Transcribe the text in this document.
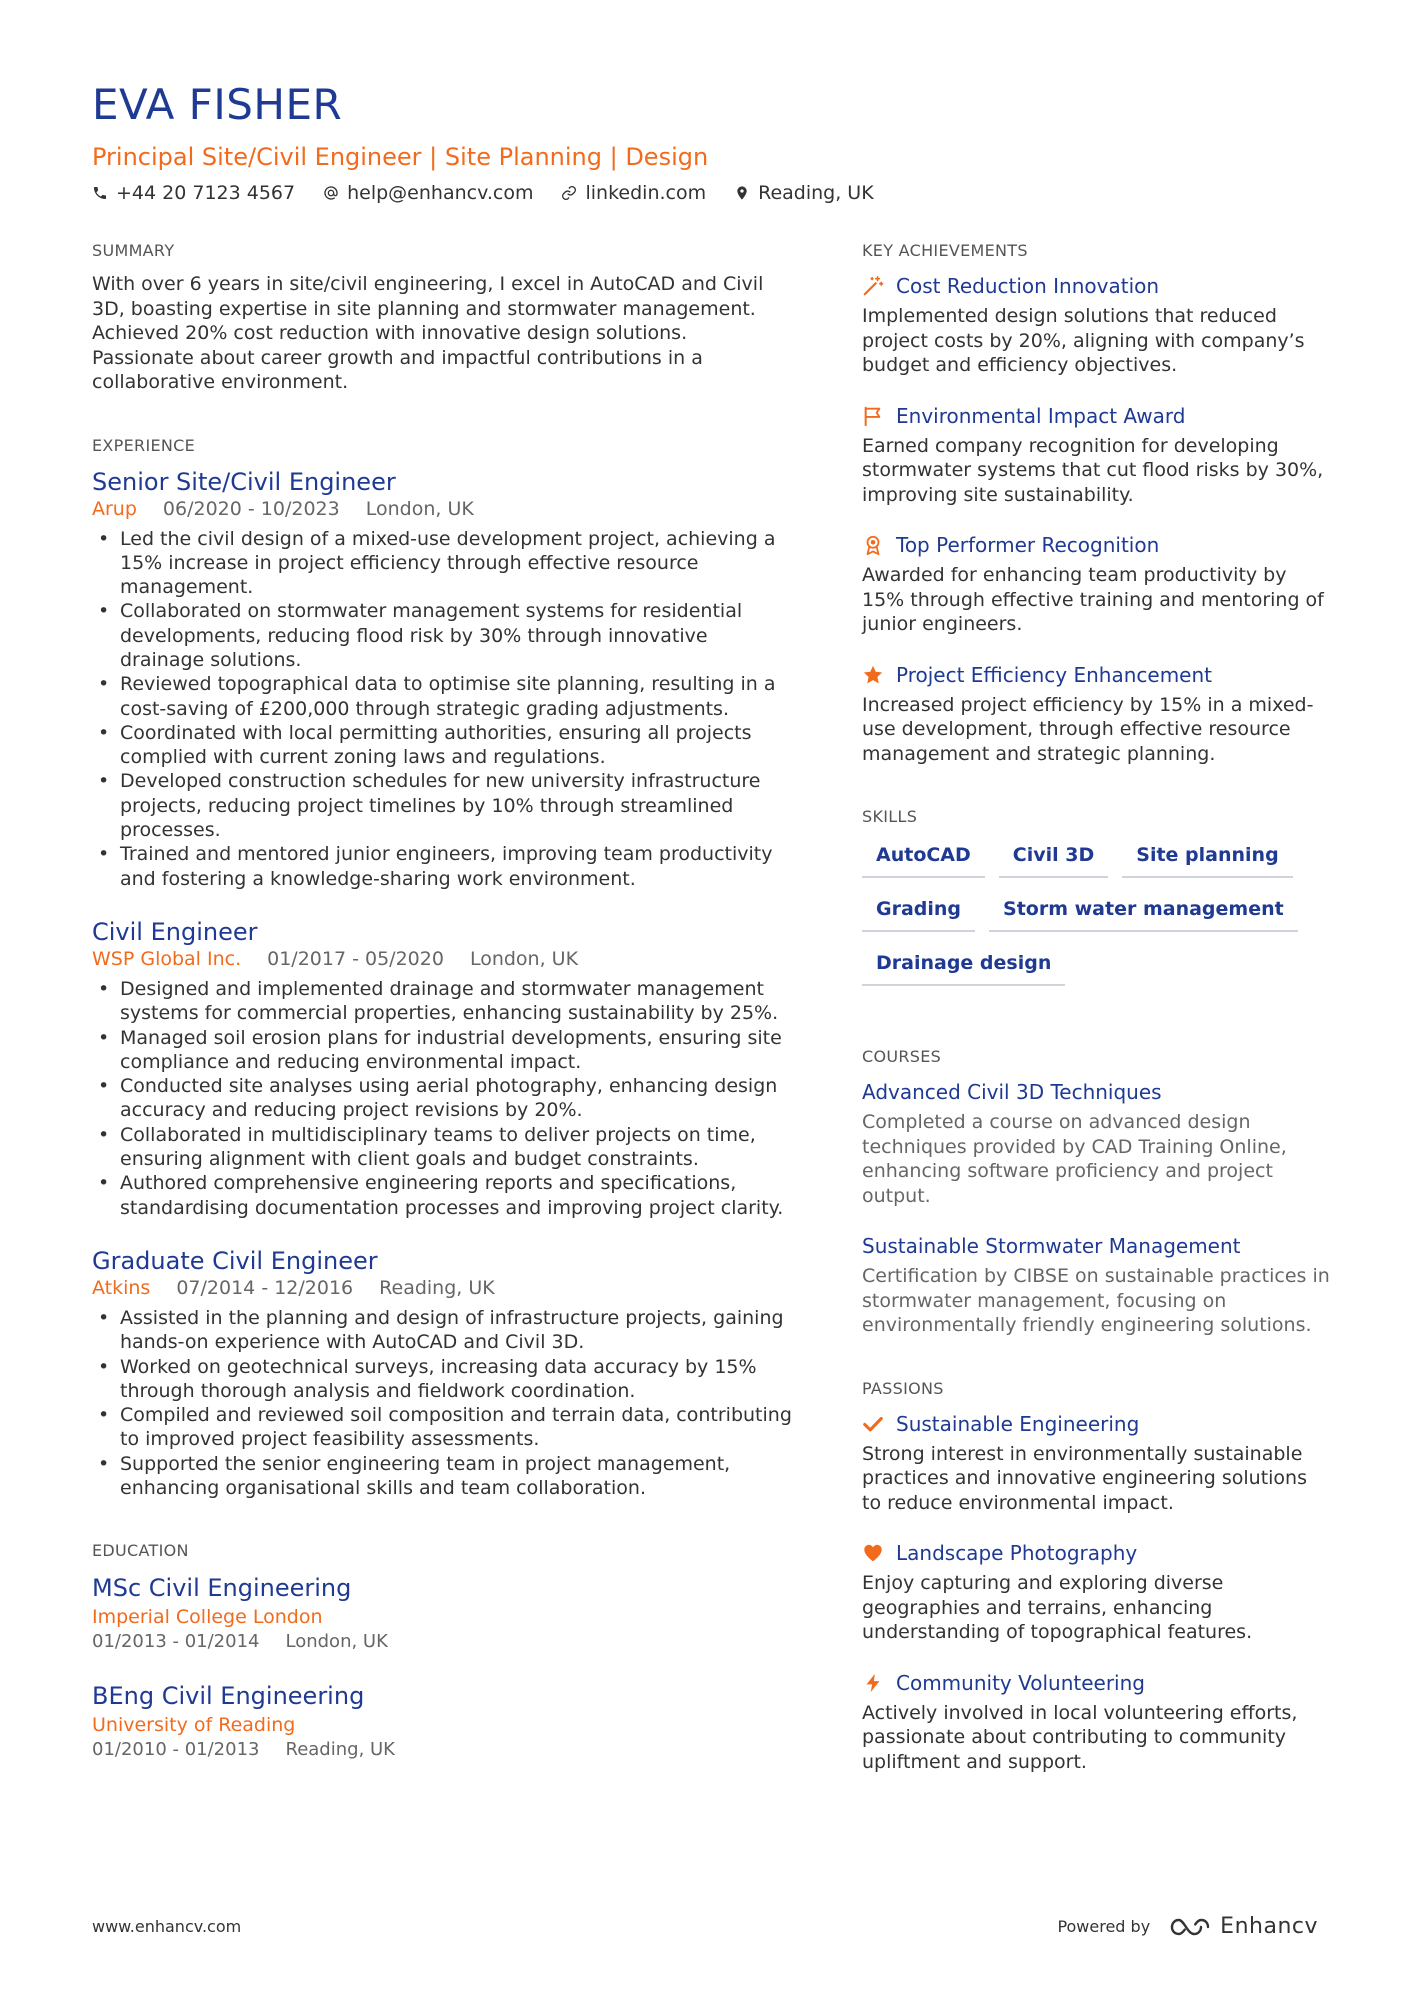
EVA FISHER
Principal Site/Civil Engineer | Site Planning | Design
+44 20 7123 4567	help@enhancv.com	linkedin.com	Reading, UK
SUMMARY
With over 6 years in site/civil engineering, I excel in AutoCAD and Civil 3D, boasting expertise in site planning and stormwater management. Achieved 20% cost reduction with innovative design solutions. Passionate about career growth and impactful contributions in a collaborative environment.
EXPERIENCE
Senior Site/Civil Engineer
Arup 06/2020 - 10/2023 London, UK
• Led the civil design of a mixed-use development project, achieving a 15% increase in project efficiency through effective resource management.
• Collaborated on stormwater management systems for residential developments, reducing flood risk by 30% through innovative drainage solutions.
• Reviewed topographical data to optimise site planning, resulting in a cost-saving of £200,000 through strategic grading adjustments.
• Coordinated with local permitting authorities, ensuring all projects complied with current zoning laws and regulations.
• Developed construction schedules for new university infrastructure projects, reducing project timelines by 10% through streamlined processes.
• Trained and mentored junior engineers, improving team productivity and fostering a knowledge-sharing work environment.
Civil Engineer
WSP Global Inc. 01/2017 - 05/2020 London, UK
• Designed and implemented drainage and stormwater management systems for commercial properties, enhancing sustainability by 25%.
• Managed soil erosion plans for industrial developments, ensuring site compliance and reducing environmental impact.
• Conducted site analyses using aerial photography, enhancing design accuracy and reducing project revisions by 20%.
• Collaborated in multidisciplinary teams to deliver projects on time, ensuring alignment with client goals and budget constraints.
• Authored comprehensive engineering reports and specifications, standardising documentation processes and improving project clarity.
Graduate Civil Engineer
Atkins 07/2014 - 12/2016 Reading, UK
• Assisted in the planning and design of infrastructure projects, gaining hands-on experience with AutoCAD and Civil 3D.
• Worked on geotechnical surveys, increasing data accuracy by 15% through thorough analysis and fieldwork coordination.
• Compiled and reviewed soil composition and terrain data, contributing to improved project feasibility assessments.
• Supported the senior engineering team in project management, enhancing organisational skills and team collaboration.
EDUCATION
MSc Civil Engineering
Imperial College London
01/2013 - 01/2014 London, UK
BEng Civil Engineering
University of Reading
01/2010 - 01/2013 Reading, UK
KEY ACHIEVEMENTS
Cost Reduction Innovation
Implemented design solutions that reduced project costs by 20%, aligning with company’s budget and efficiency objectives.
Environmental Impact Award
Earned company recognition for developing stormwater systems that cut flood risks by 30%, improving site sustainability.
Top Performer Recognition
Awarded for enhancing team productivity by 15% through effective training and mentoring of junior engineers.
Project Efficiency Enhancement
Increased project efficiency by 15% in a mixed-use development, through effective resource management and strategic planning.
SKILLS
AutoCAD	Civil 3D	Site planning
Grading	Storm water management
Drainage design
COURSES
Advanced Civil 3D Techniques
Completed a course on advanced design techniques provided by CAD Training Online, enhancing software proficiency and project output.
Sustainable Stormwater Management
Certification by CIBSE on sustainable practices in stormwater management, focusing on environmentally friendly engineering solutions.
PASSIONS
Sustainable Engineering
Strong interest in environmentally sustainable practices and innovative engineering solutions to reduce environmental impact.
Landscape Photography
Enjoy capturing and exploring diverse geographies and terrains, enhancing understanding of topographical features.
Community Volunteering
Actively involved in local volunteering efforts, passionate about contributing to community upliftment and support.
www.enhancv.com	Powered by	Enhancv
